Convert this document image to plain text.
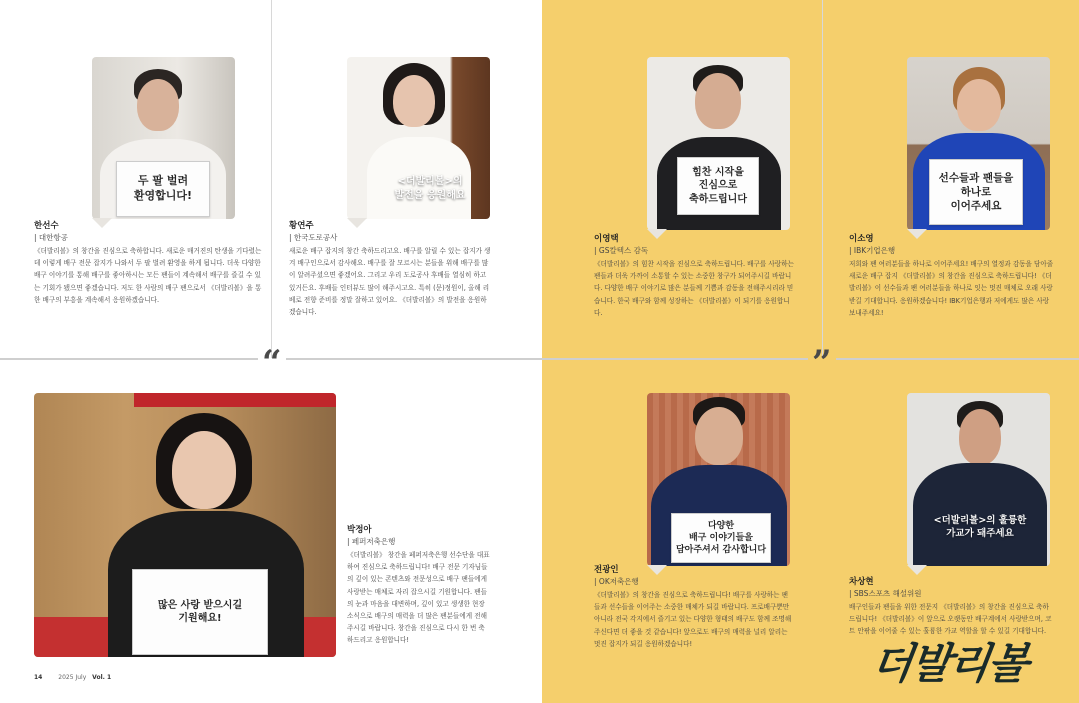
“	”
두 팔 벌려
환영합니다!
한선수
| 대한항공
《더발리볼》의 창간을 진심으로 축하합니다. 새로운 매거진의 탄생을 기다렸는데 이렇게 배구 전문 잡지가 나와서 두 팔 벌려 환영을 하게 됩니다. 더욱 다양한 배구 이야기를 통해 배구를 좋아하시는 모든 팬들이 계속해서 배구를 즐길 수 있는 기회가 됐으면 좋겠습니다. 저도 한 사람의 배구 팬으로서 《더발리볼》을 통한 배구의 부흥을 계속해서 응원하겠습니다.
<더발리볼>의
발전을 응원해요
황연주
| 한국도로공사
새로운 배구 잡지의 창간 축하드리고요. 배구를 알릴 수 있는 잡지가 생겨 배구인으로서 감사해요. 배구를 잘 모르시는 분들을 위해 배구를 많이 알려주셨으면 좋겠어요. 그리고 우리 도로공사 후배들 열심히 하고 있거든요. 후배들 인터뷰도 많이 해주시고요. 특히 (문)정원이, 올해 리베로 전향 준비를 정말 잘하고 있어요. 《더발리볼》의 발전을 응원하겠습니다.
힘찬 시작을
진심으로
축하드립니다
이영택
| GS칼텍스 감독
《더발리볼》의 힘찬 시작을 진심으로 축하드립니다. 배구를 사랑하는 팬들과 더욱 가까이 소통할 수 있는 소중한 창구가 되어주시길 바랍니다. 다양한 배구 이야기로 많은 분들께 기쁨과 감동을 전해주시리라 믿습니다. 한국 배구와 함께 성장하는 《더발리볼》이 되기를 응원합니다.
선수들과 팬들을
하나로
이어주세요
이소영
| IBK기업은행
저희와 팬 여러분들을 하나로 이어주세요! 배구의 열정과 감동을 담아줄 새로운 배구 잡지 《더발리볼》의 창간을 진심으로 축하드립니다! 《더발리볼》이 선수들과 팬 여러분들을 하나로 잇는 멋진 매체로 오래 사랑받길 기대합니다. 응원하겠습니다! IBK기업은행과 저에게도 많은 사랑 보내주세요!
많은 사랑 받으시길
기원해요!
박정아
| 페퍼저축은행
《더발리볼》 창간을 페퍼저축은행 선수단을 대표하여 진심으로 축하드립니다! 배구 전문 기자님들의 깊이 있는 콘텐츠와 전문성으로 배구 팬들에게 사랑받는 매체로 자리 잡으시길 기원합니다. 팬들의 눈과 마음을 대변하며, 깊이 있고 생생한 현장 소식으로 배구의 매력을 더 많은 팬분들에게 전해 주시길 바랍니다. 창간을 진심으로 다시 한 번 축하드리고 응원합니다!
다양한
배구 이야기들을
담아주셔서 감사합니다
전광인
| OK저축은행
《더발리볼》의 창간을 진심으로 축하드립니다! 배구를 사랑하는 팬들과 선수들을 이어주는 소중한 매체가 되길 바랍니다. 프로배구뿐만 아니라 전국 각지에서 즐기고 있는 다양한 형태의 배구도 함께 조명해주신다면 더 좋을 것 같습니다! 앞으로도 배구의 매력을 널리 알리는 멋진 잡지가 되길 응원하겠습니다!
<더발리볼>의 훌륭한
가교가 돼주세요
차상현
| SBS스포츠 해설위원
배구인들과 팬들을 위한 전문지 《더발리볼》의 창간을 진심으로 축하드립니다! 《더발리볼》이 앞으로 오랫동안 배구계에서 사랑받으며, 코트 안팎을 이어줄 수 있는 훌륭한 가교 역할을 할 수 있길 기대합니다.
14	2025 July Vol. 1	더발리볼
